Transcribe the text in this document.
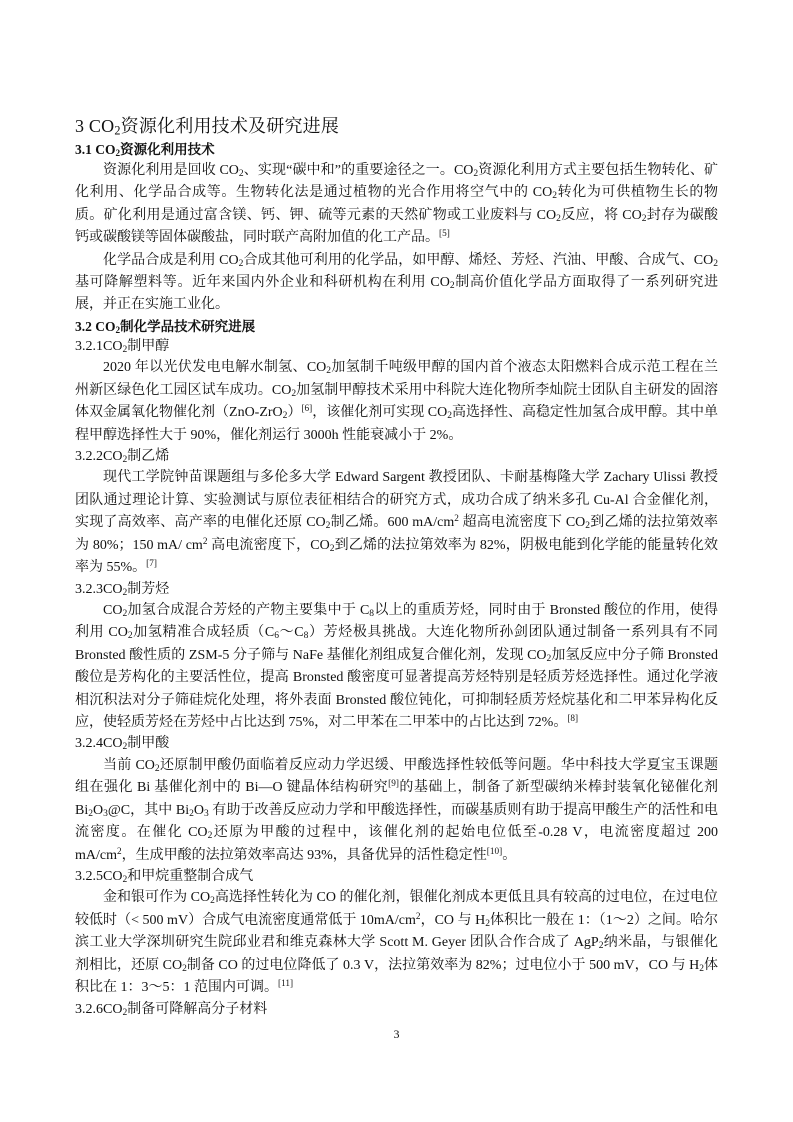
3 $CO_2$资源化利用技术及研究进展
3.1 $CO_2$资源化利用技术

资源化利用是回收 $CO_2$、实现“碳中和”的重要途径之一。$CO_2$资源化利用方式主要包括生物转化、矿化利用、化学品合成等。生物转化法是通过植物的光合作用将空气中的 $CO_2$转化为可供植物生长的物质。矿化利用是通过富含镁、钙、钾、硫等元素的天然矿物或工业废料与 $CO_2$反应，将 $CO_2$封存为碳酸钙或碳酸镁等固体碳酸盐，同时联产高附加值的化工产品。[5]

化学品合成是利用 $CO_2$合成其他可利用的化学品，如甲醇、烯烃、芳烃、汽油、甲酸、合成气、$CO_2$基可降解塑料等。近年来国内外企业和科研机构在利用 $CO_2$制高价值化学品方面取得了一系列研究进展，并正在实施工业化。

3.2 $CO_2$制化学品技术研究进展
$3.2.1CO_2$制甲醇

2020 年以光伏发电电解水制氢、$CO_2$加氢制千吨级甲醇的国内首个液态太阳燃料合成示范工程在兰州新区绿色化工园区试车成功。$CO_2$加氢制甲醇技术采用中科院大连化物所李灿院士团队自主研发的固溶体双金属氧化物催化剂（ZnO-ZrO$_2$）[6]，该催化剂可实现 $CO_2$高选择性、高稳定性加氢合成甲醇。其中单程甲醇选择性大于 90%，催化剂运行 3000h 性能衰减小于 2%。

$3.2.2CO_2$制乙烯

现代工学院钟苗课题组与多伦多大学 Edward Sargent 教授团队、卡耐基梅隆大学 Zachary Ulissi 教授团队通过理论计算、实验测试与原位表征相结合的研究方式，成功合成了纳米多孔 Cu-Al 合金催化剂，实现了高效率、高产率的电催化还原 $CO_2$制乙烯。600 $mA/cm^2$ 超高电流密度下 $CO_2$到乙烯的法拉第效率为 80%；150 mA/ $cm^2$ 高电流密度下，$CO_2$到乙烯的法拉第效率为 82%，阴极电能到化学能的能量转化效率为 55%。[7]

$3.2.3CO_2$制芳烃

$CO_2$加氢合成混合芳烃的产物主要集中于 $C_8$以上的重质芳烃，同时由于 Bronsted 酸位的作用，使得利用 $CO_2$加氢精准合成轻质$(C_6\sim C_8)$芳烃极具挑战。大连化物所孙剑团队通过制备一系列具有不同 Bronsted 酸性质的 ZSM-5 分子筛与 NaFe 基催化剂组成复合催化剂，发现 $CO_2$加氢反应中分子筛 Bronsted 酸位是芳构化的主要活性位，提高 Bronsted 酸密度可显著提高芳烃特别是轻质芳烃选择性。通过化学液相沉积法对分子筛硅烷化处理，将外表面 Bronsted 酸位钝化，可抑制轻质芳烃烷基化和二甲苯异构化反应，使轻质芳烃在芳烃中占比达到 75%，对二甲苯在二甲苯中的占比达到 72%。[8]

$3.2.4CO_2$制甲酸

当前 $CO_2$还原制甲酸仍面临着反应动力学迟缓、甲酸选择性较低等问题。华中科技大学夏宝玉课题组在强化 Bi 基催化剂中的 Bi—O 键晶体结构研究[9]的基础上，制备了新型碳纳米棒封装氧化铋催化剂 $Bi_2O_3@C$，其中 $Bi_2O_3$ 有助于改善反应动力学和甲酸选择性，而碳基质则有助于提高甲酸生产的活性和电流密度。在催化 $CO_2$还原为甲酸的过程中，该催化剂的起始电位低至-0.28 V，电流密度超过 200 $mA/cm^2$，生成甲酸的法拉第效率高达 93%，具备优异的活性稳定性[10]。

$3.2.5CO_2$和甲烷重整制合成气

金和银可作为 $CO_2$高选择性转化为 CO 的催化剂，银催化剂成本更低且具有较高的过电位，在过电位较低时（< 500 mV）合成气电流密度通常低于 $10mA/cm^2$，CO 与 $H_2$体积比一般在 1：（1～2）之间。哈尔滨工业大学深圳研究生院邱业君和维克森林大学 Scott M. Geyer 团队合作合成了 AgP$_2$纳米晶，与银催化剂相比，还原 $CO_2$制备 CO 的过电位降低了 0.3 V，法拉第效率为 82%；过电位小于 500 mV，CO 与 $H_2$体积比在 1：3～5：1 范围内可调。[11]

$3.2.6CO_2$制备可降解高分子材料
3
